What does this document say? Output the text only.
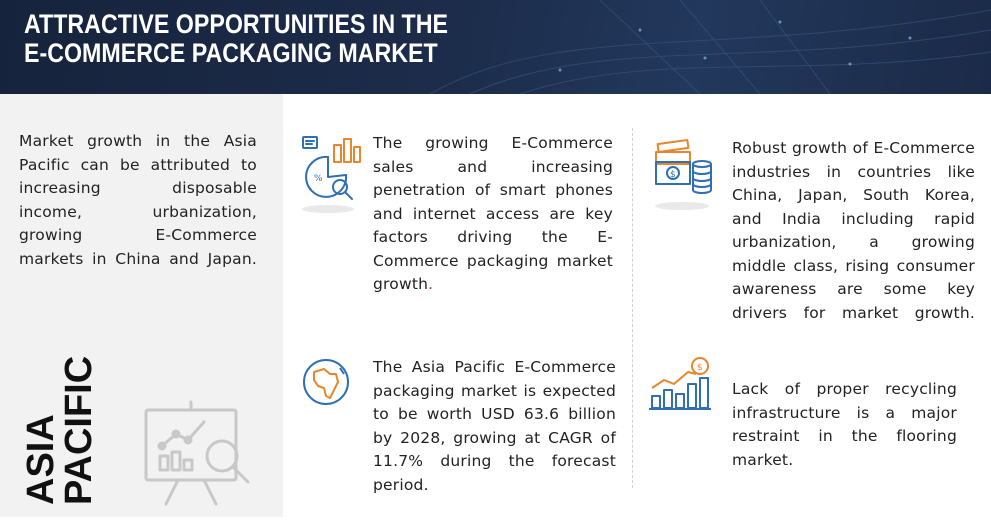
ATTRACTIVE OPPORTUNITIES IN THE
E-COMMERCE PACKAGING MARKET

Market growth in the Asia Pacific can be attributed to increasing disposable income, urbanization, growing E-Commerce markets in China and Japan.

ASIA
PACIFIC
%

The growing E-Commerce sales and increasing penetration of smart phones and internet access are key factors driving the E-Commerce packaging market growth.

The Asia Pacific E-Commerce packaging market is expected to be worth USD 63.6 billion by 2028, growing at CAGR of 11.7% during the forecast period.

$

Robust growth of E-Commerce industries in countries like China, Japan, South Korea, and India including rapid urbanization, a growing middle class, rising consumer awareness are some key drivers for market growth.

$

Lack of proper recycling infrastructure is a major restraint in the flooring market.
